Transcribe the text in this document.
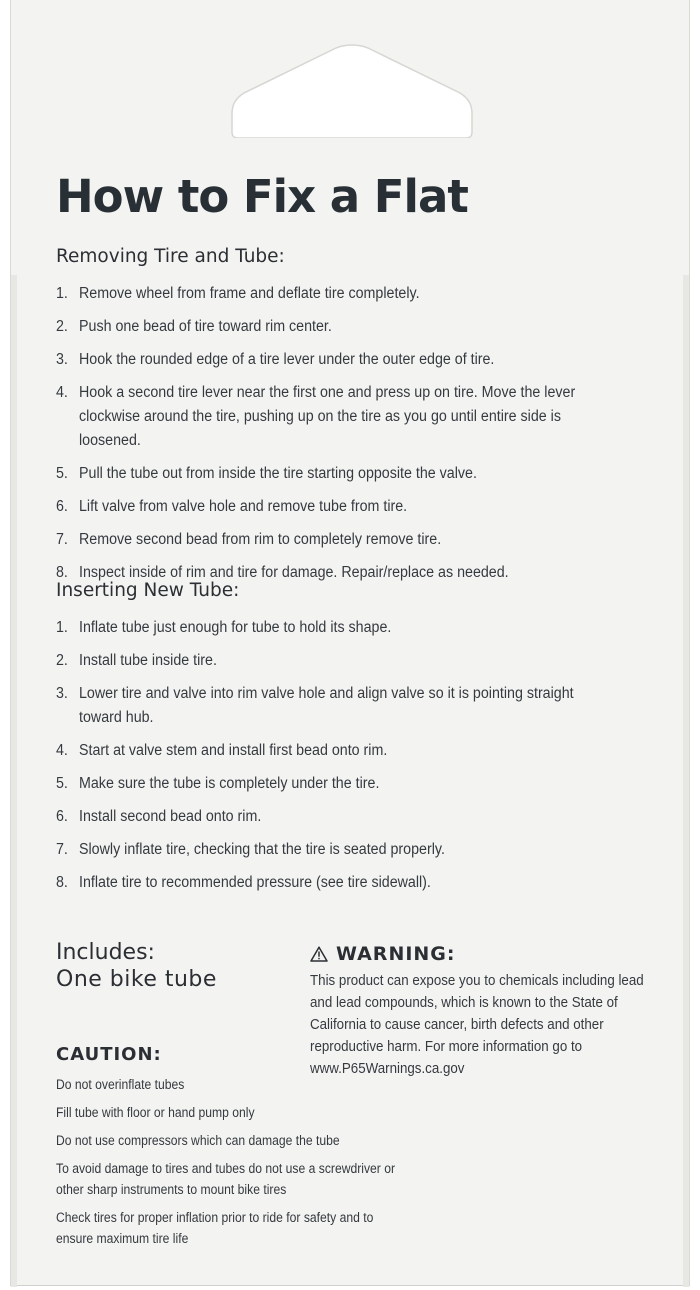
How to Fix a Flat
Removing Tire and Tube:
1. Remove wheel from frame and deflate tire completely.
2. Push one bead of tire toward rim center.
3. Hook the rounded edge of a tire lever under the outer edge of tire.
4. Hook a second tire lever near the first one and press up on tire. Move the lever clockwise around the tire, pushing up on the tire as you go until entire side is loosened.
5. Pull the tube out from inside the tire starting opposite the valve.
6. Lift valve from valve hole and remove tube from tire.
7. Remove second bead from rim to completely remove tire.
8. Inspect inside of rim and tire for damage. Repair/replace as needed.
Inserting New Tube:
1. Inflate tube just enough for tube to hold its shape.
2. Install tube inside tire.
3. Lower tire and valve into rim valve hole and align valve so it is pointing straight toward hub.
4. Start at valve stem and install first bead onto rim.
5. Make sure the tube is completely under the tire.
6. Install second bead onto rim.
7. Slowly inflate tire, checking that the tire is seated properly.
8. Inflate tire to recommended pressure (see tire sidewall).

Includes:

One bike tube

WARNING:

This product can expose you to chemicals including lead and lead compounds, which is known to the State of California to cause cancer, birth defects and other reproductive harm. For more information go to www.P65Warnings.ca.gov

CAUTION:

Do not overinflate tubes
Fill tube with floor or hand pump only
Do not use compressors which can damage the tube
To avoid damage to tires and tubes do not use a screwdriver or other sharp instruments to mount bike tires
Check tires for proper inflation prior to ride for safety and to ensure maximum tire life
